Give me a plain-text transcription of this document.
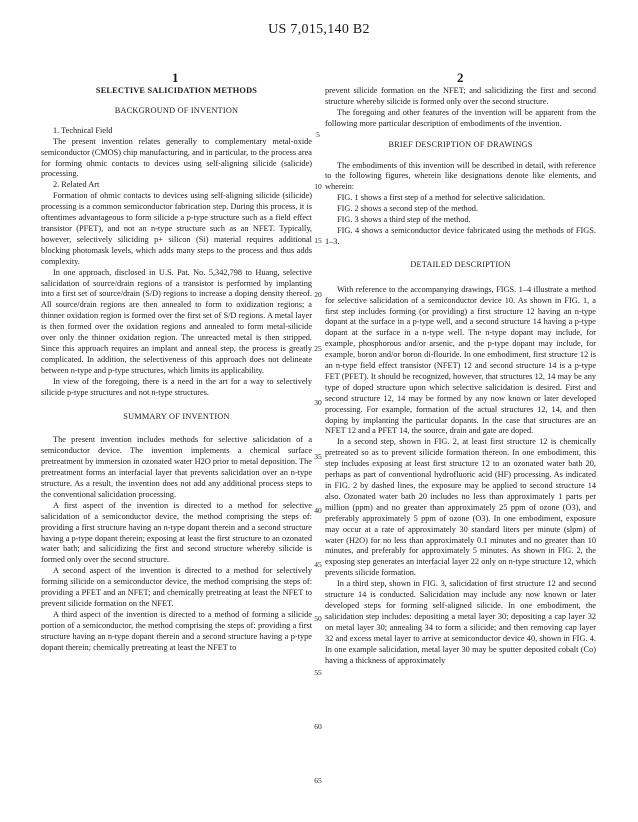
US 7,015,140 B2
1	2
SELECTIVE SALICIDATION METHODS
BACKGROUND OF INVENTION

1. Technical Field

The present invention relates generally to complementary metal-oxide semiconductor (CMOS) chip manufacturing, and in particular, to the process area for forming ohmic contacts to devices using self-aligning silicide (salicide) processing.

2. Related Art

Formation of ohmic contacts to devices using self-aligning silicide (silicide) processing is a common semiconductor fabrication step. During this process, it is oftentimes advantageous to form silicide a p-type structure such as a field effect transistor (PFET), and not an n-type structure such as an NFET. Typically, however, selectively siliciding p+ silicon (Si) material requires additional blocking photomask levels, which adds many steps to the process and thus adds complexity.

In one approach, disclosed in U.S. Pat. No. 5,342,798 to Huang, selective salicidation of source/drain regions of a transistor is performed by implanting into a first set of source/drain (S/D) regions to increase a doping density thereof. All source/drain regions are then annealed to form to oxidization regions; a thinner oxidation region is formed over the first set of S/D regions. A metal layer is then formed over the oxidation regions and annealed to form metal-silicide over only the thinner oxidation region. The unreacted metal is then stripped. Since this approach requires an implant and anneal step, the process is greatly complicated. In addition, the selectiveness of this approach does not delineate between n-type and p-type structures, which limits its applicability.

In view of the foregoing, there is a need in the art for a way to selectively silicide p-type structures and not n-type structures.

SUMMARY OF INVENTION

The present invention includes methods for selective salicidation of a semiconductor device. The invention implements a chemical surface pretreatment by immersion in ozonated water H2O prior to metal deposition. The pretreatment forms an interfacial layer that prevents salicidation over an n-type structure. As a result, the invention does not add any additional process steps to the conventional salicidation processing.

A first aspect of the invention is directed to a method for selective salicidation of a semiconductor device, the method comprising the steps of: providing a first structure having an n-type dopant therein and a second structure having a p-type dopant therein; exposing at least the first structure to an ozonated water bath; and salicidizing the first and second structure whereby silicide is formed only over the second structure.

A second aspect of the invention is directed to a method for selectively forming silicide on a semiconductor device, the method comprising the steps of: providing a PFET and an NFET; and chemically pretreating at least the NFET to prevent silicide formation on the NFET.

A third aspect of the invention is directed to a method of forming a silicide portion of a semiconductor, the method comprising the steps of: providing a first structure having an n-type dopant therein and a second structure having a p-type dopant therein; chemically pretreating at least the NFET to

5
10
15
20
25
30
35
40
45
50
55
60
65

prevent silicide formation on the NFET; and salicidizing the first and second structure whereby silicide is formed only over the second structure.

The foregoing and other features of the invention will be apparent from the following more particular description of embodiments of the invention.

BRIEF DESCRIPTION OF DRAWINGS

The embodiments of this invention will be described in detail, with reference to the following figures, wherein like designations denote like elements, and wherein:

FIG. 1 shows a first step of a method for selective salicidation.

FIG. 2 shows a second step of the method.

FIG. 3 shows a third step of the method.

FIG. 4 shows a semiconductor device fabricated using the methods of FIGS. 1–3.

DETAILED DESCRIPTION

With reference to the accompanying drawings, FIGS. 1–4 illustrate a method for selective salicidation of a semiconductor device 10. As shown in FIG. 1, a first step includes forming (or providing) a first structure 12 having an n-type dopant at the surface in a p-type well, and a second structure 14 having a p-type dopant at the surface in a n-type well. The n-type dopant may include, for example, phosphorous and/or arsenic, and the p-type dopant may include, for example, boron and/or boron di-flouride. In one embodiment, first structure 12 is an n-type field effect transistor (NFET) 12 and second structure 14 is a p-type FET (PFET). It should be recognized, however, that structures 12, 14 may be any type of doped structure upon which selective salicidation is desired. First and second structure 12, 14 may be formed by any now known or later developed processing. For example, formation of the actual structures 12, 14, and then doping by implanting the particular dopants. In the case that structures are an NFET 12 and a PFET 14, the source, drain and gate are doped.

In a second step, shown in FIG. 2, at least first structure 12 is chemically pretreated so as to prevent silicide formation thereon. In one embodiment, this step includes exposing at least first structure 12 to an ozonated water bath 20, perhaps as part of conventional hydrofluoric acid (HF) processing. As indicated in FIG. 2 by dashed lines, the exposure may be applied to second structure 14 also. Ozonated water bath 20 includes no less than approximately 1 parts per million (ppm) and no greater than approximately 25 ppm of ozone (O3), and preferably approximately 5 ppm of ozone (O3). In one embodiment, exposure may occur at a rate of approximately 30 standard liters per minute (slpm) of water (H2O) for no less than approximately 0.1 minutes and no greater than 10 minutes, and preferably for approximately 5 minutes. As shown in FIG. 2, the exposing step generates an interfacial layer 22 only on n-type structure 12, which prevents silicide formation.

In a third step, shown in FIG. 3, salicidation of first structure 12 and second structure 14 is conducted. Salicidation may include any now known or later developed steps for forming self-aligned silicide. In one embodiment, the salicidation step includes: depositing a metal layer 30; depositing a cap layer 32 on metal layer 30; annealing 34 to form a silicide; and then removing cap layer 32 and excess metal layer to arrive at semiconductor device 40, shown in FIG. 4. In one example salicidation, metal layer 30 may be sputter deposited cobalt (Co) having a thickness of approximately
